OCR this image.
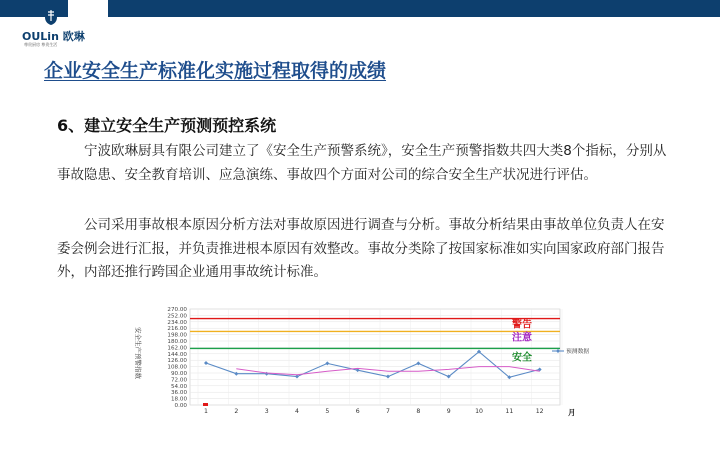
OULin 欧琳
尊贵厨房 尊贵生活
企业安全生产标准化实施过程取得的成绩
6、建立安全生产预测预控系统
　　宁波欧琳厨具有限公司建立了《安全生产预警系统》，安全生产预警指数共四大类8个指标，分别从事故隐患、安全教育培训、应急演练、事故四个方面对公司的综合安全生产状况进行评估。
　　公司采用事故根本原因分析方法对事故原因进行调查与分析。事故分析结果由事故单位负责人在安委会例会进行汇报，并负责推进根本原因有效整改。事故分类除了按国家标准如实向国家政府部门报告外，内部还推行跨国企业通用事故统计标准。
270.00
252.00
234.00
216.00
198.00
180.00
162.00
144.00
126.00
108.00
90.00
72.00
54.00
36.00
18.00
0.00
安全生产预警指数
警告
注意
安全
1	2	3	4	5	6	7	8	9	10	11	12	月
预测数据
